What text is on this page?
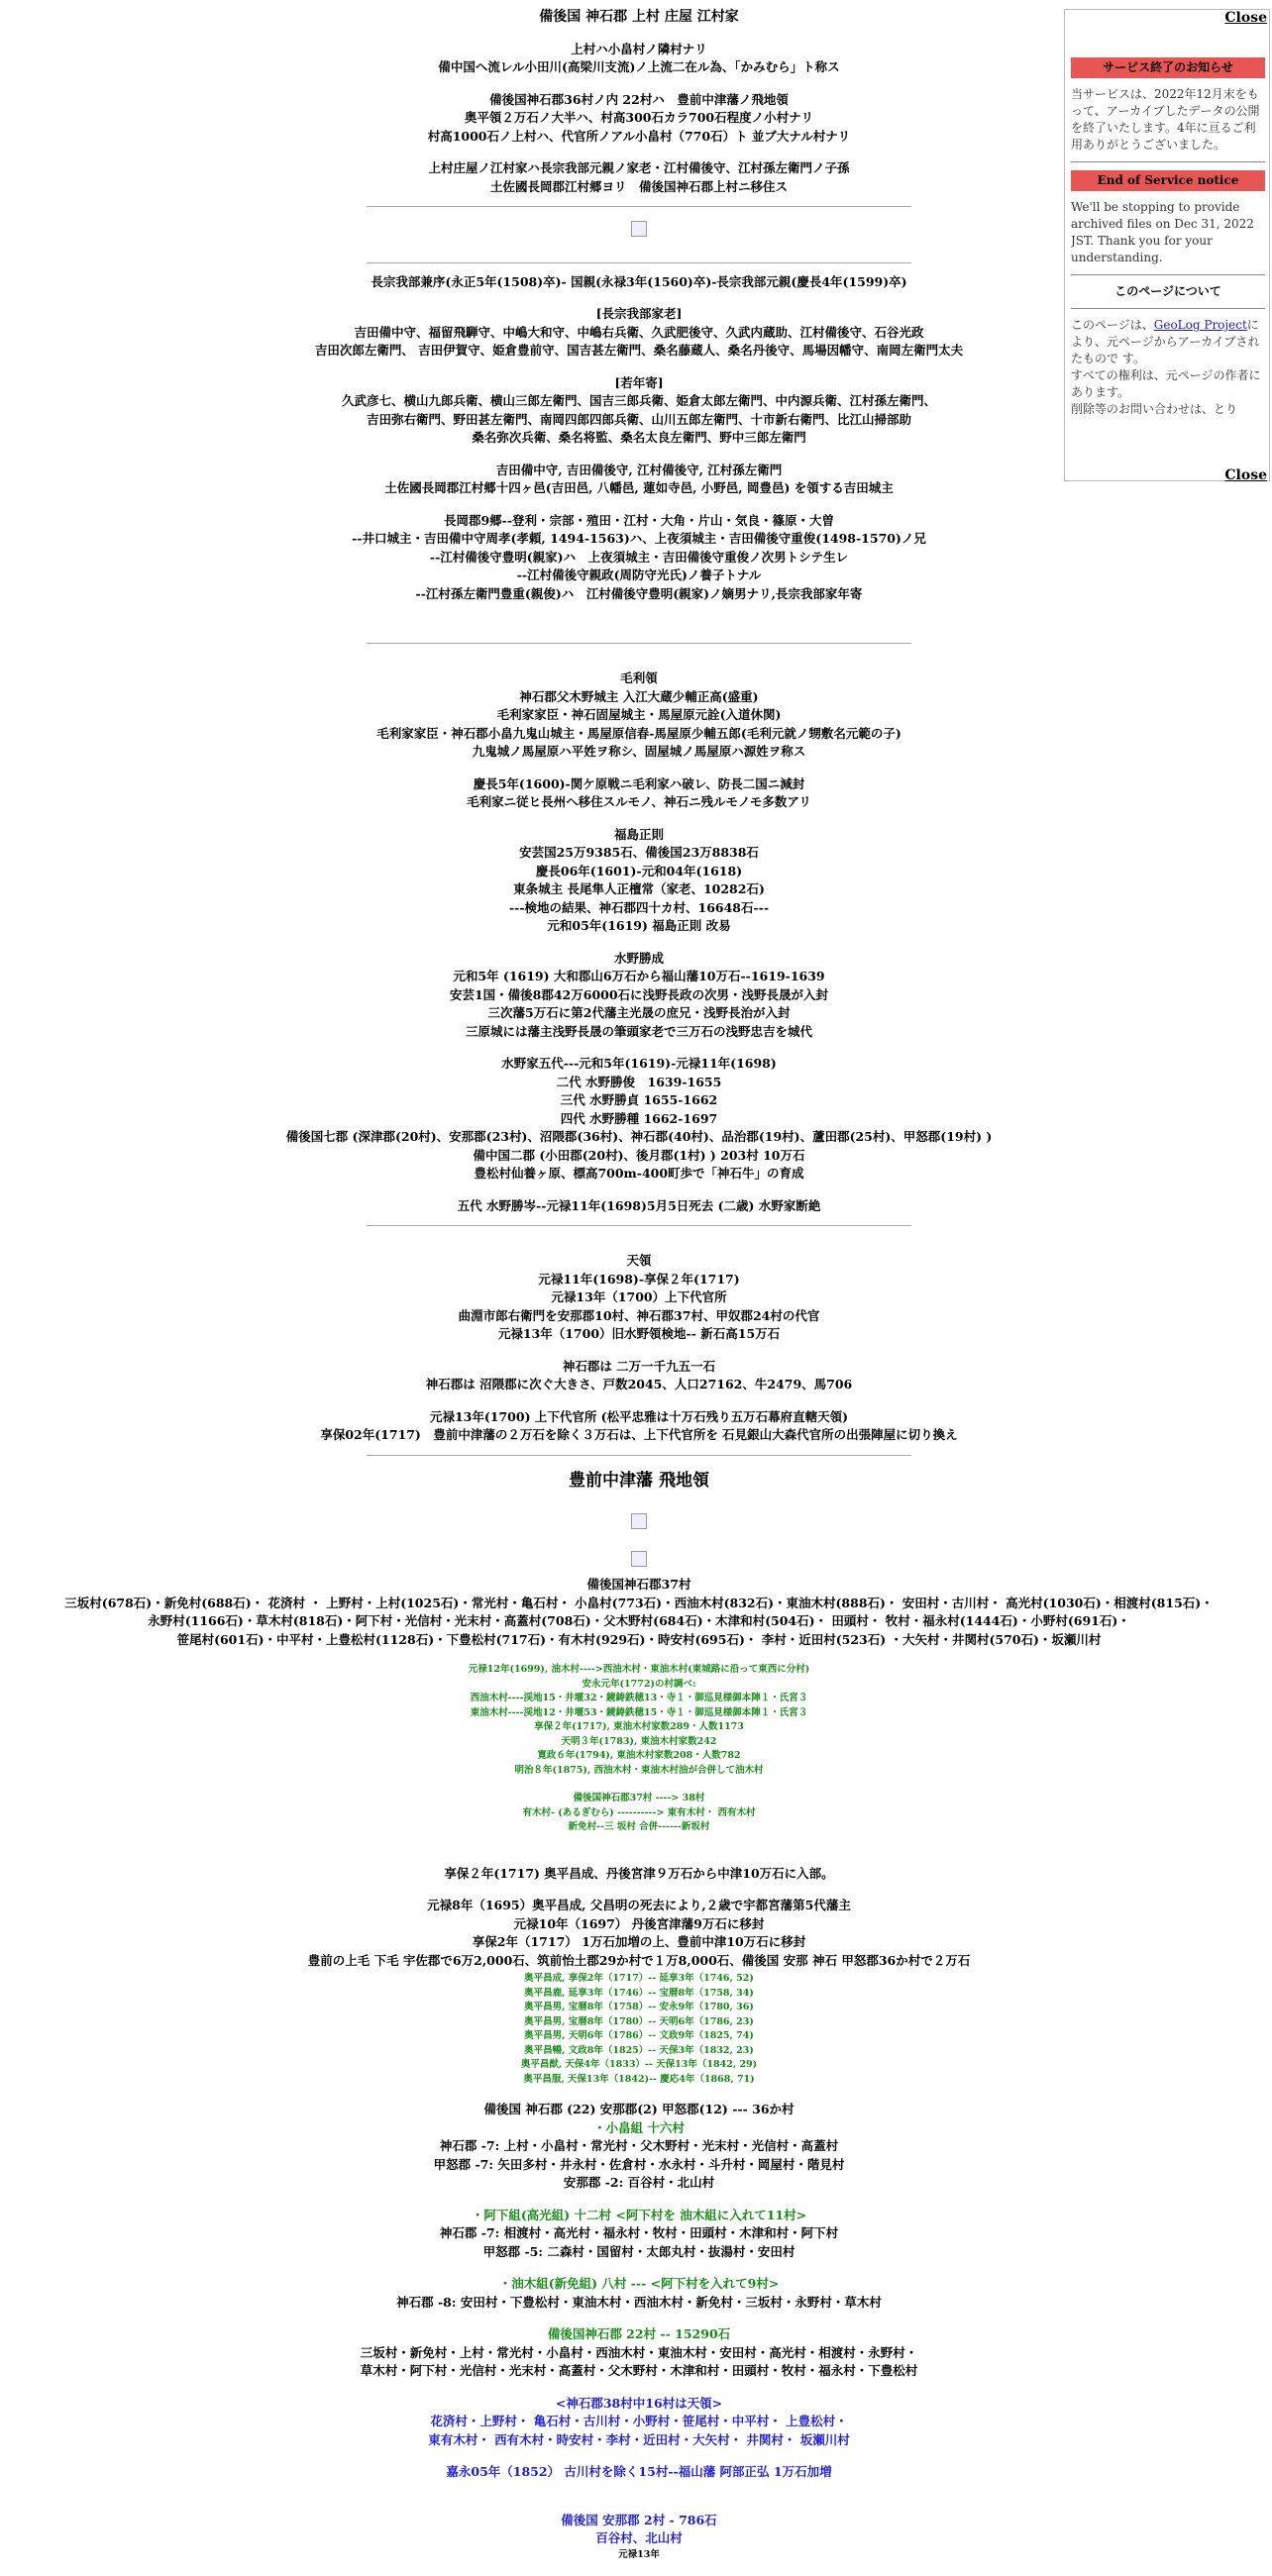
備後国 神石郡 上村 庄屋 江村家

上村ハ小畠村ノ隣村ナリ
備中国へ流レル小田川(高梁川支流)ノ上流二在ル為、「かみむら」ト称ス

備後国神石郡36村ノ内 22村ハ　豊前中津藩ノ飛地領
奥平領２万石ノ大半ハ、村高300石カラ700石程度ノ小村ナリ
村高1000石ノ上村ハ、代官所ノアル小畠村（770石）ト 並ブ大ナル村ナリ

上村庄屋ノ江村家ハ長宗我部元親ノ家老・江村備後守、江村孫左衛門ノ子孫
土佐國長岡郡江村郷ヨリ　備後国神石郡上村ニ移住ス

長宗我部兼序(永正5年(1508)卒)- 国親(永禄3年(1560)卒)-長宗我部元親(慶長4年(1599)卒)

[長宗我部家老]
吉田備中守、福留飛騨守、中嶋大和守、中嶋右兵衛、久武肥後守、久武内蔵助、江村備後守、石谷光政
吉田次郎左衛門、 吉田伊賀守、姫倉豊前守、国吉甚左衛門、桑名藤蔵人、桑名丹後守、馬場因幡守、南岡左衛門太夫

[若年寄]
久武彦七、横山九郎兵衛、横山三郎左衛門、国吉三郎兵衛、姫倉太郎左衛門、中内源兵衛、江村孫左衛門、
吉田弥右衛門、野田甚左衛門、南岡四郎四郎兵衛、山川五郎左衛門、十市新右衛門、比江山掃部助
桑名弥次兵衛、桑名将監、桑名太良左衛門、野中三郎左衛門

吉田備中守, 吉田備後守, 江村備後守, 江村孫左衛門
土佐國長岡郡江村郷十四ヶ邑(吉田邑, 八幡邑, 蓮如寺邑, 小野邑, 岡豊邑) を領する吉田城主

長岡郡9郷--登利・宗部・殖田・江村・大角・片山・気良・篠原・大曽
--井口城主・吉田備中守周孝(孝頼, 1494-1563)ハ、上夜須城主・吉田備後守重俊(1498-1570)ノ兄
--江村備後守豊明(親家)ハ　上夜須城主・吉田備後守重俊ノ次男トシテ生レ
--江村備後守親政(周防守光氏)ノ養子トナル
--江村孫左衛門豊重(親俊)ハ　江村備後守豊明(親家)ノ嫡男ナリ,長宗我部家年寄

毛利領
神石郡父木野城主 入江大蔵少輔正高(盛重)
毛利家家臣・神石固屋城主・馬屋原元詮(入道休関)
毛利家家臣・神石郡小畠九鬼山城主・馬屋原信春-馬屋原少輔五郎(毛利元就ノ甥敷名元範の子)
九鬼城ノ馬屋原ハ平姓ヲ称シ、固屋城ノ馬屋原ハ源姓ヲ称ス

慶長5年(1600)-関ケ原戦ニ毛利家ハ破レ、防長二国ニ減封
毛利家ニ従ヒ長州ヘ移住スルモノ、神石ニ残ルモノモ多数アリ

福島正則
安芸国25万9385石、備後国23万8838石
慶長06年(1601)-元和04年(1618)
東条城主 長尾隼人正檀常（家老、10282石)
---検地の結果、神石郡四十カ村、16648石---
元和05年(1619) 福島正則 改易

水野勝成
元和5年 (1619) 大和郡山6万石から福山藩10万石--1619-1639
安芸1国・備後8郡42万6000石に浅野長政の次男・浅野長晟が入封
三次藩5万石に第2代藩主光晟の庶兄・浅野長治が入封
三原城には藩主浅野長晟の筆頭家老で三万石の浅野忠吉を城代

水野家五代---元和5年(1619)-元禄11年(1698)
二代 水野勝俊　1639-1655
三代 水野勝貞 1655-1662
四代 水野勝種 1662-1697
備後国七郡 (深津郡(20村)、安那郡(23村)、沼隈郡(36村)、神石郡(40村)、品治郡(19村)、蘆田郡(25村)、甲怒郡(19村) )
備中国二郡 (小田郡(20村)、後月郡(1村) ) 203村 10万石
豊松村仙養ヶ原、標高700m-400町歩で「神石牛」の育成

五代 水野勝岑--元禄11年(1698)5月5日死去 (二歳) 水野家断絶

天領
元禄11年(1698)-享保２年(1717)
元禄13年（1700）上下代官所
曲淵市郎右衛門を安那郡10村、神石郡37村、甲奴郡24村の代官
元禄13年（1700）旧水野領検地-- 新石高15万石

神石郡は 二万一千九五一石
神石郡は 沼隈郡に次ぐ大きさ、戸数2045、人口27162、牛2479、馬706

元禄13年(1700) 上下代官所 (松平忠雅は十万石残り五万石幕府直轄天領)
享保02年(1717)　豊前中津藩の２万石を除く３万石は、上下代官所を 石見銀山大森代官所の出張陣屋に切り換え

豊前中津藩 飛地領

備後国神石郡37村
三坂村(678石)・新免村(688石)・ 花済村 ・ 上野村・上村(1025石)・常光村・亀石村・ 小畠村(773石)・西油木村(832石)・東油木村(888石)・ 安田村・古川村・ 高光村(1030石)・相渡村(815石)・
永野村(1166石)・草木村(818石)・阿下村・光信村・光末村・高蓋村(708石)・父木野村(684石)・木津和村(504石)・ 田頭村・ 牧村・福永村(1444石)・小野村(691石)・
笹尾村(601石)・中平村・上豊松村(1128石)・下豊松村(717石)・有木村(929石)・時安村(695石)・ 李村・近田村(523石) ・大矢村・井関村(570石)・坂瀬川村

元禄12年(1699), 油木村---->西油木村・東油木村(東城路に沿って東西に分村)
安永元年(1772)の村調べ:
西油木村----渓地15・井堰32・鏡鋳鉄穂13・寺１・御巡見様御本陣１・氏宮３
東油木村----渓地12・井堰53・鏡鋳鉄穂15・寺１・御巡見様御本陣１・氏宮３
享保２年(1717), 東油木村家数289・人数1173
天明３年(1783), 東油木村家数242
寛政６年(1794), 東油木村家数208・人数782
明治８年(1875), 西油木村・東油木村油が合併して油木村

備後国神石郡37村 ----> 38村
有木村- (あるぎむら) ----------> 東有木村・ 西有木村
新免村--三 坂村 合併------新坂村

享保２年(1717) 奥平昌成、丹後宮津９万石から中津10万石に入部。

元禄8年（1695）奥平昌成, 父昌明の死去により,２歳で宇都宮藩第5代藩主
元禄10年（1697） 丹後宮津藩9万石に移封
享保2年（1717） 1万石加増の上、豊前中津10万石に移封
豊前の上毛 下毛 宇佐郡で6万2,000石、筑前怡土郡29か村で１万8,000石、備後国 安那 神石 甲怒郡36か村で２万石

奥平昌成, 享保2年（1717）-- 延享3年（1746, 52)
奥平昌鹿, 延享3年（1746）-- 宝暦8年（1758, 34)
奥平昌男, 宝暦8年（1758）-- 安永9年（1780, 36)
奥平昌男, 宝暦8年（1780）-- 天明6年（1786, 23)
奥平昌男, 天明6年（1786）-- 文政9年（1825, 74)
奥平昌暢, 文政8年（1825）-- 天保3年（1832, 23)
奥平昌猷, 天保4年（1833）-- 天保13年（1842, 29)
奥平昌服, 天保13年（1842)-- 慶応4年（1868, 71)

備後国 神石郡 (22) 安那郡(2) 甲怒郡(12) --- 36か村
・小畠組 十六村
神石郡 -7: 上村・小畠村・常光村・父木野村・光末村・光信村・高蓋村
甲怒郡 -7: 矢田多村・井永村・佐倉村・水永村・斗升村・岡屋村・階見村
安那郡 -2: 百谷村・北山村

・阿下組(高光組) 十二村 <阿下村を 油木組に入れて11村>
神石郡 -7: 相渡村・高光村・福永村・牧村・田頭村・木津和村・阿下村
甲怒郡 -5: 二森村・国留村・太郎丸村・抜湯村・安田村

・油木組(新免組) 八村 --- <阿下村を入れて9村>
神石郡 -8: 安田村・下豊松村・東油木村・西油木村・新免村・三坂村・永野村・草木村

備後国神石郡 22村 -- 15290石
三坂村・新免村・上村・常光村・小畠村・西油木村・東油木村・安田村・高光村・相渡村・永野村・
草木村・阿下村・光信村・光末村・高蓋村・父木野村・木津和村・田頭村・牧村・福永村・下豊松村

<神石郡38村中16村は天領>
花済村・上野村・ 亀石村・古川村・小野村・笹尾村・中平村・ 上豊松村・
東有木村・ 西有木村・時安村・李村・近田村・大矢村・ 井関村・ 坂瀬川村

嘉永05年（1852） 古川村を除く15村--福山藩 阿部正弘 1万石加増

備後国 安那郡 2村 - 786石
百谷村、北山村

元禄13年

Close
サービス終了のお知らせ
当サービスは、2022年12月末をもって、アーカイブしたデータの公開を終了いたします。4年に亘るご利用ありがとうございました。
End of Service notice
We'll be stopping to provide archived files on Dec 31, 2022 JST. Thank you for your understanding.
このページについて
このページは、GeoLog Projectにより、元ページからアーカイブされたもので す。
すべての権利は、元ページの作者にあります。
削除等のお問い合わせは、とり
Close
